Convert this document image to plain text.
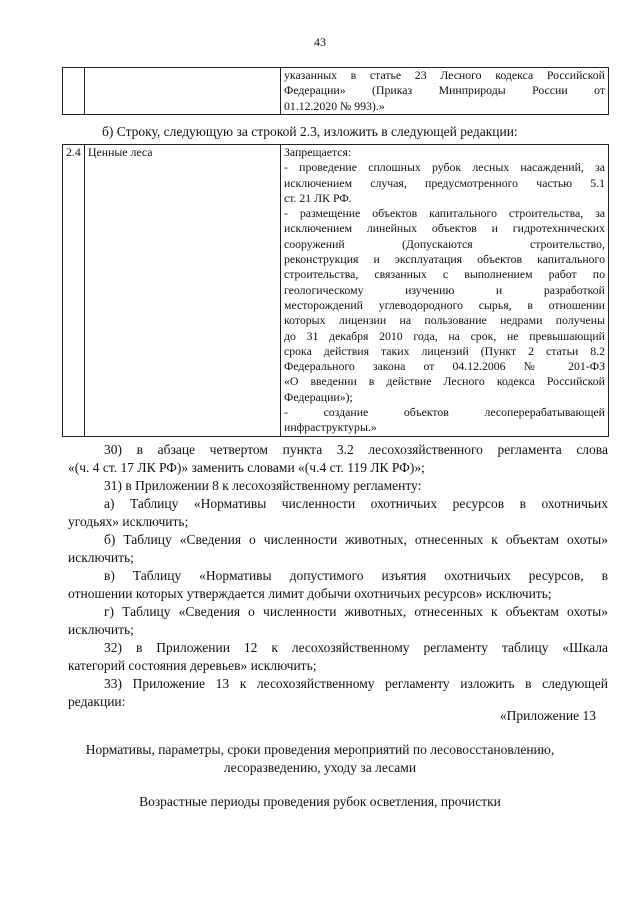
43

указанных в статье 23 Лесного кодекса Российской
Федерации» (Приказ Минприроды России от
01.12.2020 № 993).»
б) Строку, следующую за строкой 2.3, изложить в следующей редакции:
2.4	Ценные леса	Запрещается:
- проведение сплошных рубок лесных насаждений, за
исключением случая, предусмотренного частью 5.1
ст. 21 ЛК РФ.
- размещение объектов капитального строительства, за
исключением линейных объектов и гидротехнических
сооружений (Допускаются строительство,
реконструкция и эксплуатация объектов капитального
строительства, связанных с выполнением работ по
геологическому изучению и разработкой
месторождений углеводородного сырья, в отношении
которых лицензии на пользование недрами получены
до 31 декабря 2010 года, на срок, не превышающий
срока действия таких лицензий (Пункт 2 статьи 8.2
Федерального закона от 04.12.2006 № 201-ФЗ
«О введении в действие Лесного кодекса Российской
Федерации»);
- создание объектов лесоперерабатывающей
инфраструктуры.»
30) в абзаце четвертом пункта 3.2 лесохозяйственного регламента слова
«(ч. 4 ст. 17 ЛК РФ)» заменить словами «(ч.4 ст. 119 ЛК РФ)»;
31) в Приложении 8 к лесохозяйственному регламенту:
а) Таблицу «Нормативы численности охотничьих ресурсов в охотничьих
угодьях» исключить;
б) Таблицу «Сведения о численности животных, отнесенных к объектам охоты»
исключить;
в) Таблицу «Нормативы допустимого изъятия охотничьих ресурсов, в
отношении которых утверждается лимит добычи охотничьих ресурсов» исключить;
г) Таблицу «Сведения о численности животных, отнесенных к объектам охоты»
исключить;
32) в Приложении 12 к лесохозяйственному регламенту таблицу «Шкала
категорий состояния деревьев» исключить;
33) Приложение 13 к лесохозяйственному регламенту изложить в следующей
редакции:
«Приложение 13
Нормативы, параметры, сроки проведения мероприятий по лесовосстановлению,
лесоразведению, уходу за лесами
Возрастные периоды проведения рубок осветления, прочистки
